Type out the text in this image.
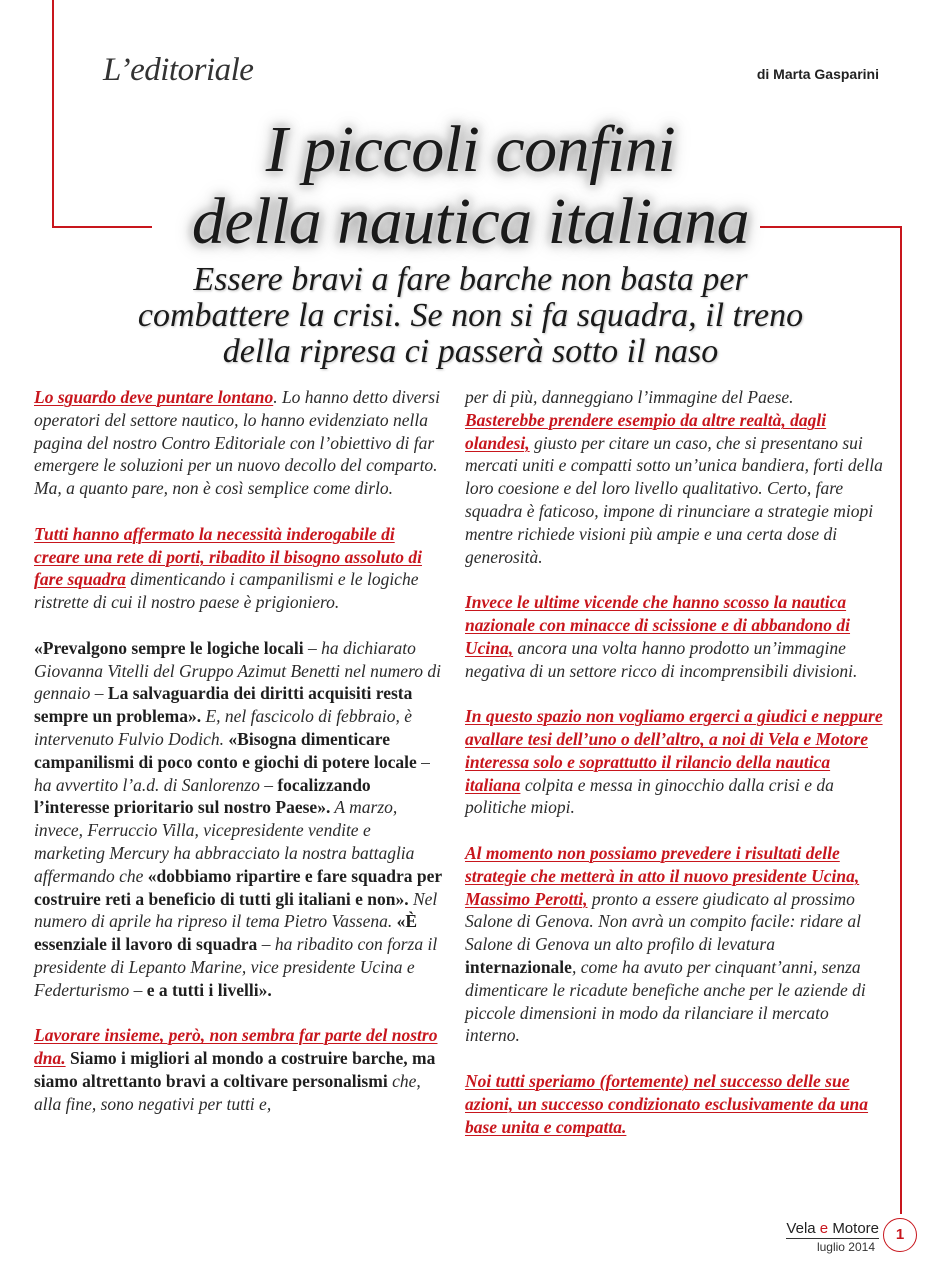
L’editoriale	di Marta Gasparini
I piccoli confini
della nautica italiana
Essere bravi a fare barche non basta per
combattere la crisi. Se non si fa squadra, il treno
della ripresa ci passerà sotto il naso

Lo sguardo deve puntare lontano. Lo hanno detto diversi operatori del settore nautico, lo hanno evidenziato nella pagina del nostro Contro Editoriale con l’obiettivo di far emergere le soluzioni per un nuovo decollo del comparto. Ma, a quanto pare, non è così semplice come dirlo.

Tutti hanno affermato la necessità inderogabile di creare una rete di porti, ribadito il bisogno assoluto di fare squadra dimenticando i campanilismi e le logiche ristrette di cui il nostro paese è prigioniero.

«Prevalgono sempre le logiche locali – ha dichiarato Giovanna Vitelli del Gruppo Azimut Benetti nel numero di gennaio – La salvaguardia dei diritti acquisiti resta sempre un problema». E, nel fascicolo di febbraio, è intervenuto Fulvio Dodich. «Bisogna dimenticare campanilismi di poco conto e giochi di potere locale – ha avvertito l’a.d. di Sanlorenzo – focalizzando l’interesse prioritario sul nostro Paese». A marzo, invece, Ferruccio Villa, vicepresidente vendite e marketing Mercury ha abbracciato la nostra battaglia affermando che «dobbiamo ripartire e fare squadra per costruire reti a beneficio di tutti gli italiani e non». Nel numero di aprile ha ripreso il tema Pietro Vassena. «È essenziale il lavoro di squadra – ha ribadito con forza il presidente di Lepanto Marine, vice presidente Ucina e Federturismo – e a tutti i livelli».

Lavorare insieme, però, non sembra far parte del nostro dna. Siamo i migliori al mondo a costruire barche, ma siamo altrettanto bravi a coltivare personalismi che, alla fine, sono negativi per tutti e,

per di più, danneggiano l’immagine del Paese.
Basterebbe prendere esempio da altre realtà, dagli olandesi, giusto per citare un caso, che si presentano sui mercati uniti e compatti sotto un’unica bandiera, forti della loro coesione e del loro livello qualitativo. Certo, fare squadra è faticoso, impone di rinunciare a strategie miopi mentre richiede visioni più ampie e una certa dose di generosità.

Invece le ultime vicende che hanno scosso la nautica nazionale con minacce di scissione e di abbandono di Ucina, ancora una volta hanno prodotto un’immagine negativa di un settore ricco di incomprensibili divisioni.

In questo spazio non vogliamo ergerci a giudici e neppure avallare tesi dell’uno o dell’altro, a noi di Vela e Motore interessa solo e soprattutto il rilancio della nautica italiana colpita e messa in ginocchio dalla crisi e da politiche miopi.

Al momento non possiamo prevedere i risultati delle strategie che metterà in atto il nuovo presidente Ucina, Massimo Perotti, pronto a essere giudicato al prossimo Salone di Genova. Non avrà un compito facile: ridare al Salone di Genova un alto profilo di levatura internazionale, come ha avuto per cinquant’anni, senza dimenticare le ricadute benefiche anche per le aziende di piccole dimensioni in modo da rilanciare il mercato interno.

Noi tutti speriamo (fortemente) nel successo delle sue azioni, un successo condizionato esclusivamente da una base unita e compatta.

Vela e Motore
luglio 2014
1
